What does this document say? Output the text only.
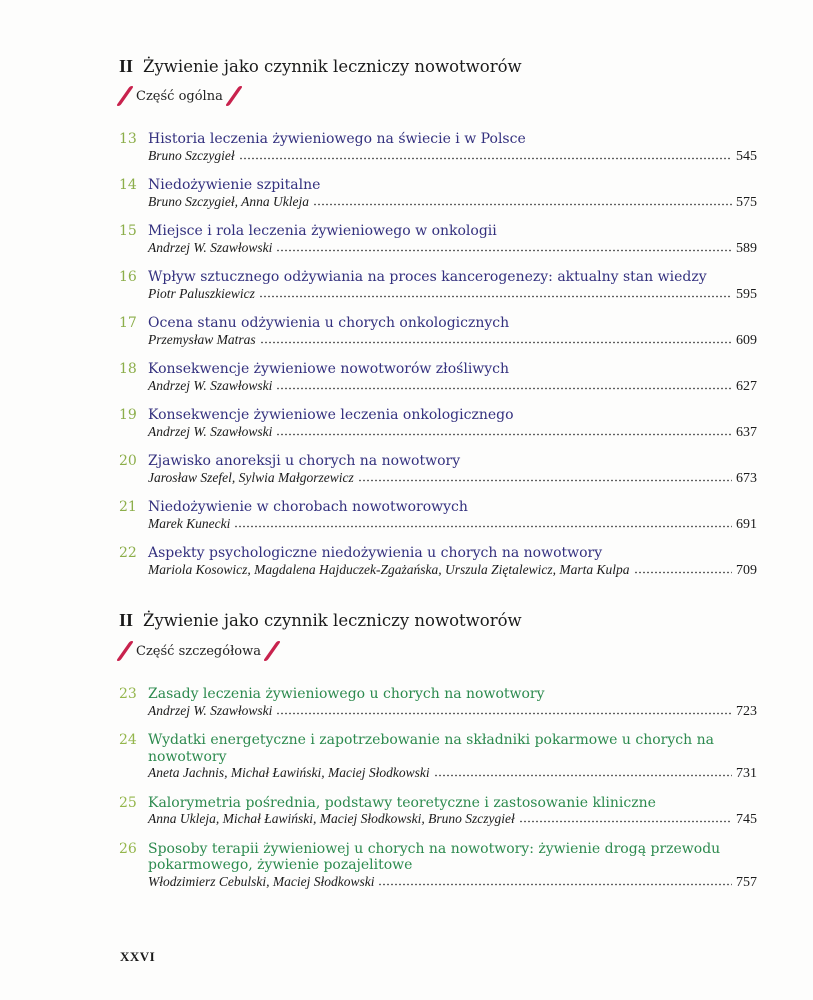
II Żywienie jako czynnik leczniczy nowotworów
Część ogólna
13 Historia leczenia żywieniowego na świecie i w Polsce
Bruno Szczygieł	545
14 Niedożywienie szpitalne
Bruno Szczygieł, Anna Ukleja	575
15 Miejsce i rola leczenia żywieniowego w onkologii
Andrzej W. Szawłowski	589
16 Wpływ sztucznego odżywiania na proces kancerogenezy: aktualny stan wiedzy
Piotr Paluszkiewicz	595
17 Ocena stanu odżywienia u chorych onkologicznych
Przemysław Matras	609
18 Konsekwencje żywieniowe nowotworów złośliwych
Andrzej W. Szawłowski	627
19 Konsekwencje żywieniowe leczenia onkologicznego
Andrzej W. Szawłowski	637
20 Zjawisko anoreksji u chorych na nowotwory
Jarosław Szefel, Sylwia Małgorzewicz	673
21 Niedożywienie w chorobach nowotworowych
Marek Kunecki	691
22 Aspekty psychologiczne niedożywienia u chorych na nowotwory
Mariola Kosowicz, Magdalena Hajduczek-Zgażańska, Urszula Ziętalewicz, Marta Kulpa	709
II Żywienie jako czynnik leczniczy nowotworów
Część szczegółowa
23 Zasady leczenia żywieniowego u chorych na nowotwory
Andrzej W. Szawłowski	723
24 Wydatki energetyczne i zapotrzebowanie na składniki pokarmowe u chorych na nowotwory
Aneta Jachnis, Michał Ławiński, Maciej Słodkowski	731
25 Kalorymetria pośrednia, podstawy teoretyczne i zastosowanie kliniczne
Anna Ukleja, Michał Ławiński, Maciej Słodkowski, Bruno Szczygieł	745
26 Sposoby terapii żywieniowej u chorych na nowotwory: żywienie drogą przewodu pokarmowego, żywienie pozajelitowe
Włodzimierz Cebulski, Maciej Słodkowski	757
XXVI
